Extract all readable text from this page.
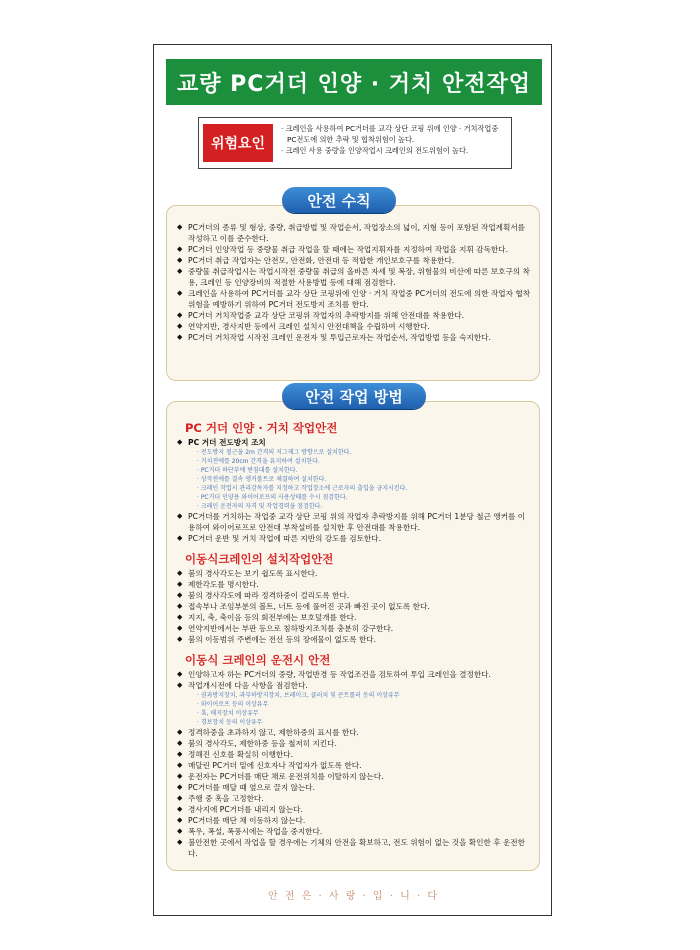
교량 PC거더 인양 · 거치 안전작업
위험요인
· 크레인을 사용하여 PC거더를 교각 상단 코핑 위에 인양 · 거치작업중
PC전도에 의한 추락 및 협착위험이 높다.
· 크레인 사용 중량을 인양작업시 크레인의 전도위험이 높다.
◆ PC거더의 종류 및 형상, 중량, 취급방법 및 작업순서, 작업장소의 넓이, 지형 등이 포함된 작업계획서를 작성하고 이를 준수한다.
◆ PC거더 인양작업 등 중량물 취급 작업을 할 때에는 작업지휘자를 지정하여 작업을 지휘 감독한다.
◆ PC거더 취급 작업자는 안전모, 안전화, 안전대 등 적합한 개인보호구를 착용한다.
◆ 중량물 취급작업시는 작업시작전 중량물 취급의 올바른 자세 및 복장, 위험물의 비산에 따른 보호구의 착용, 크레인 등 인양장비의 적절한 사용방법 등에 대해 점검한다.
◆ 크레인을 사용하여 PC거더를 교각 상단 코핑위에 인양 · 거치 작업중 PC거더의 전도에 의한 작업자 협착위험을 예방하기 위하여 PC거더 전도방지 조치를 한다.
◆ PC거더 거치작업중 교각 상단 코핑위 작업자의 추락방지를 위해 안전대를 착용한다.
◆ 연약지반, 경사지반 등에서 크레인 설치시 안전대책을 수립하여 시행한다.
◆ PC거더 거치작업 시작전 크레인 운전자 및 투입근로자는 작업순서, 작업방법 등을 숙지한다.
안전 수칙
PC 거더 인양 · 거치 작업안전
◆ PC 거더 전도방지 조치
· 전도방지 철근을 2m 간격의 지그재그 방향으로 설치한다.
· 거치전에를 20cm 간격을 유지하여 설치한다.
· PC거더 하단부에 받침대를 설치한다.
· 상작전에를 결속 앵커볼트로 체결하여 설치한다.
· 크레인 작업시 관리감독자를 지정하고 작업장소에 근로자의 출입을 금지시킨다.
· PC거더 인양용 와이어로프의 사용상태를 수시 점검한다.
· 크레인 운전자의 자격 및 작업경력을 점검한다.
◆ PC거더를 거치하는 작업중 교각 상단 코핑 위의 작업자 추락방지를 위해 PC거더 1분당 철근 앵커를 이용하여 와이어로프로 안전대 부착설비를 설치한 후 안전대를 착용한다.
◆ PC거더 운반 및 거치 작업에 따른 지반의 강도를 검토한다.
이동식크레인의 설치작업안전
◆ 붐의 경사각도는 보기 쉽도록 표시한다.
◆ 제한각도를 명시한다.
◆ 붐의 경사각도에 따라 정격하중이 걸리도록 한다.
◆ 접속부나 조임부분의 볼트, 너트 등에 풀어진 곳과 빠진 곳이 없도록 한다.
◆ 지지, 축, 축이음 등의 회전부에는 보호덮개를 한다.
◆ 연약지반에서는 부판 등으로 침하방지조치를 충분히 강구한다.
◆ 붐의 이동범위 주변에는 전선 등의 장애물이 없도록 한다.
이동식 크레인의 운전시 안전
◆ 인양하고자 하는 PC거더의 중량, 작업반경 등 작업조건을 검토하여 투입 크레인을 결정한다.
◆ 작업개시전에 다음 사항을 점검한다.
· 권과방지장치, 과부하방지장치, 브레이크, 클러치 및 콘트롤러 등의 이상유무
· 와이어로프 등의 이상유무
· 훅, 해지장치 이상유무
· 경보장치 등의 이상유무
◆ 정격하중을 초과하지 않고, 제한하중의 표시를 한다.
◆ 붐의 경사각도, 제한하중 등을 철저히 지킨다.
◆ 정해진 신호를 확실히 이행한다.
◆ 매달린 PC거더 밑에 신호자나 작업자가 없도록 한다.
◆ 운전자는 PC거더를 매단 채로 운전위치를 이탈하지 않는다.
◆ PC거더를 매달 때 옆으로 끌지 않는다.
◆ 주행 중 훅을 고정한다.
◆ 경사지에 PC거더를 내리지 않는다.
◆ PC거더를 매단 채 이동하지 않는다.
◆ 폭우, 폭설, 폭풍시에는 작업을 중지한다.
◆ 불안전한 곳에서 작업을 할 경우에는 기체의 안전을 확보하고, 전도 위험이 없는 것을 확인한 후 운전한다.
안전 작업 방법
안 전 은 · 사 랑 · 입 · 니 · 다
